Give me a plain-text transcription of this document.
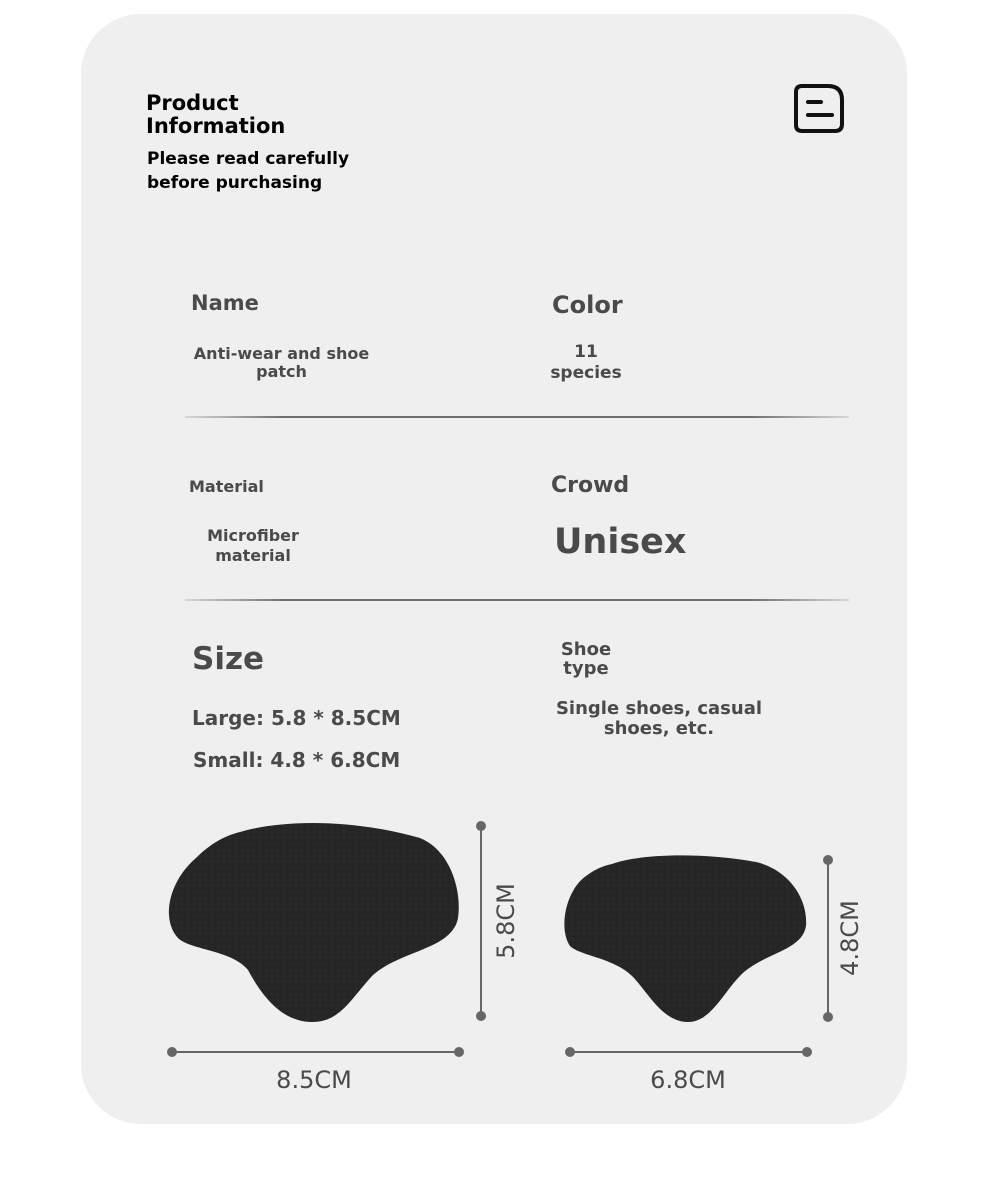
Product
Information
Please read carefully
before purchasing
Name
Anti-wear and shoe
patch
Color
11
species
Material
Microfiber
material
Crowd
Unisex
Size
Large: 5.8 * 8.5CM
Small: 4.8 * 6.8CM
Shoe
type
Single shoes, casual
shoes, etc.
5.8CM
8.5CM
4.8CM
6.8CM
